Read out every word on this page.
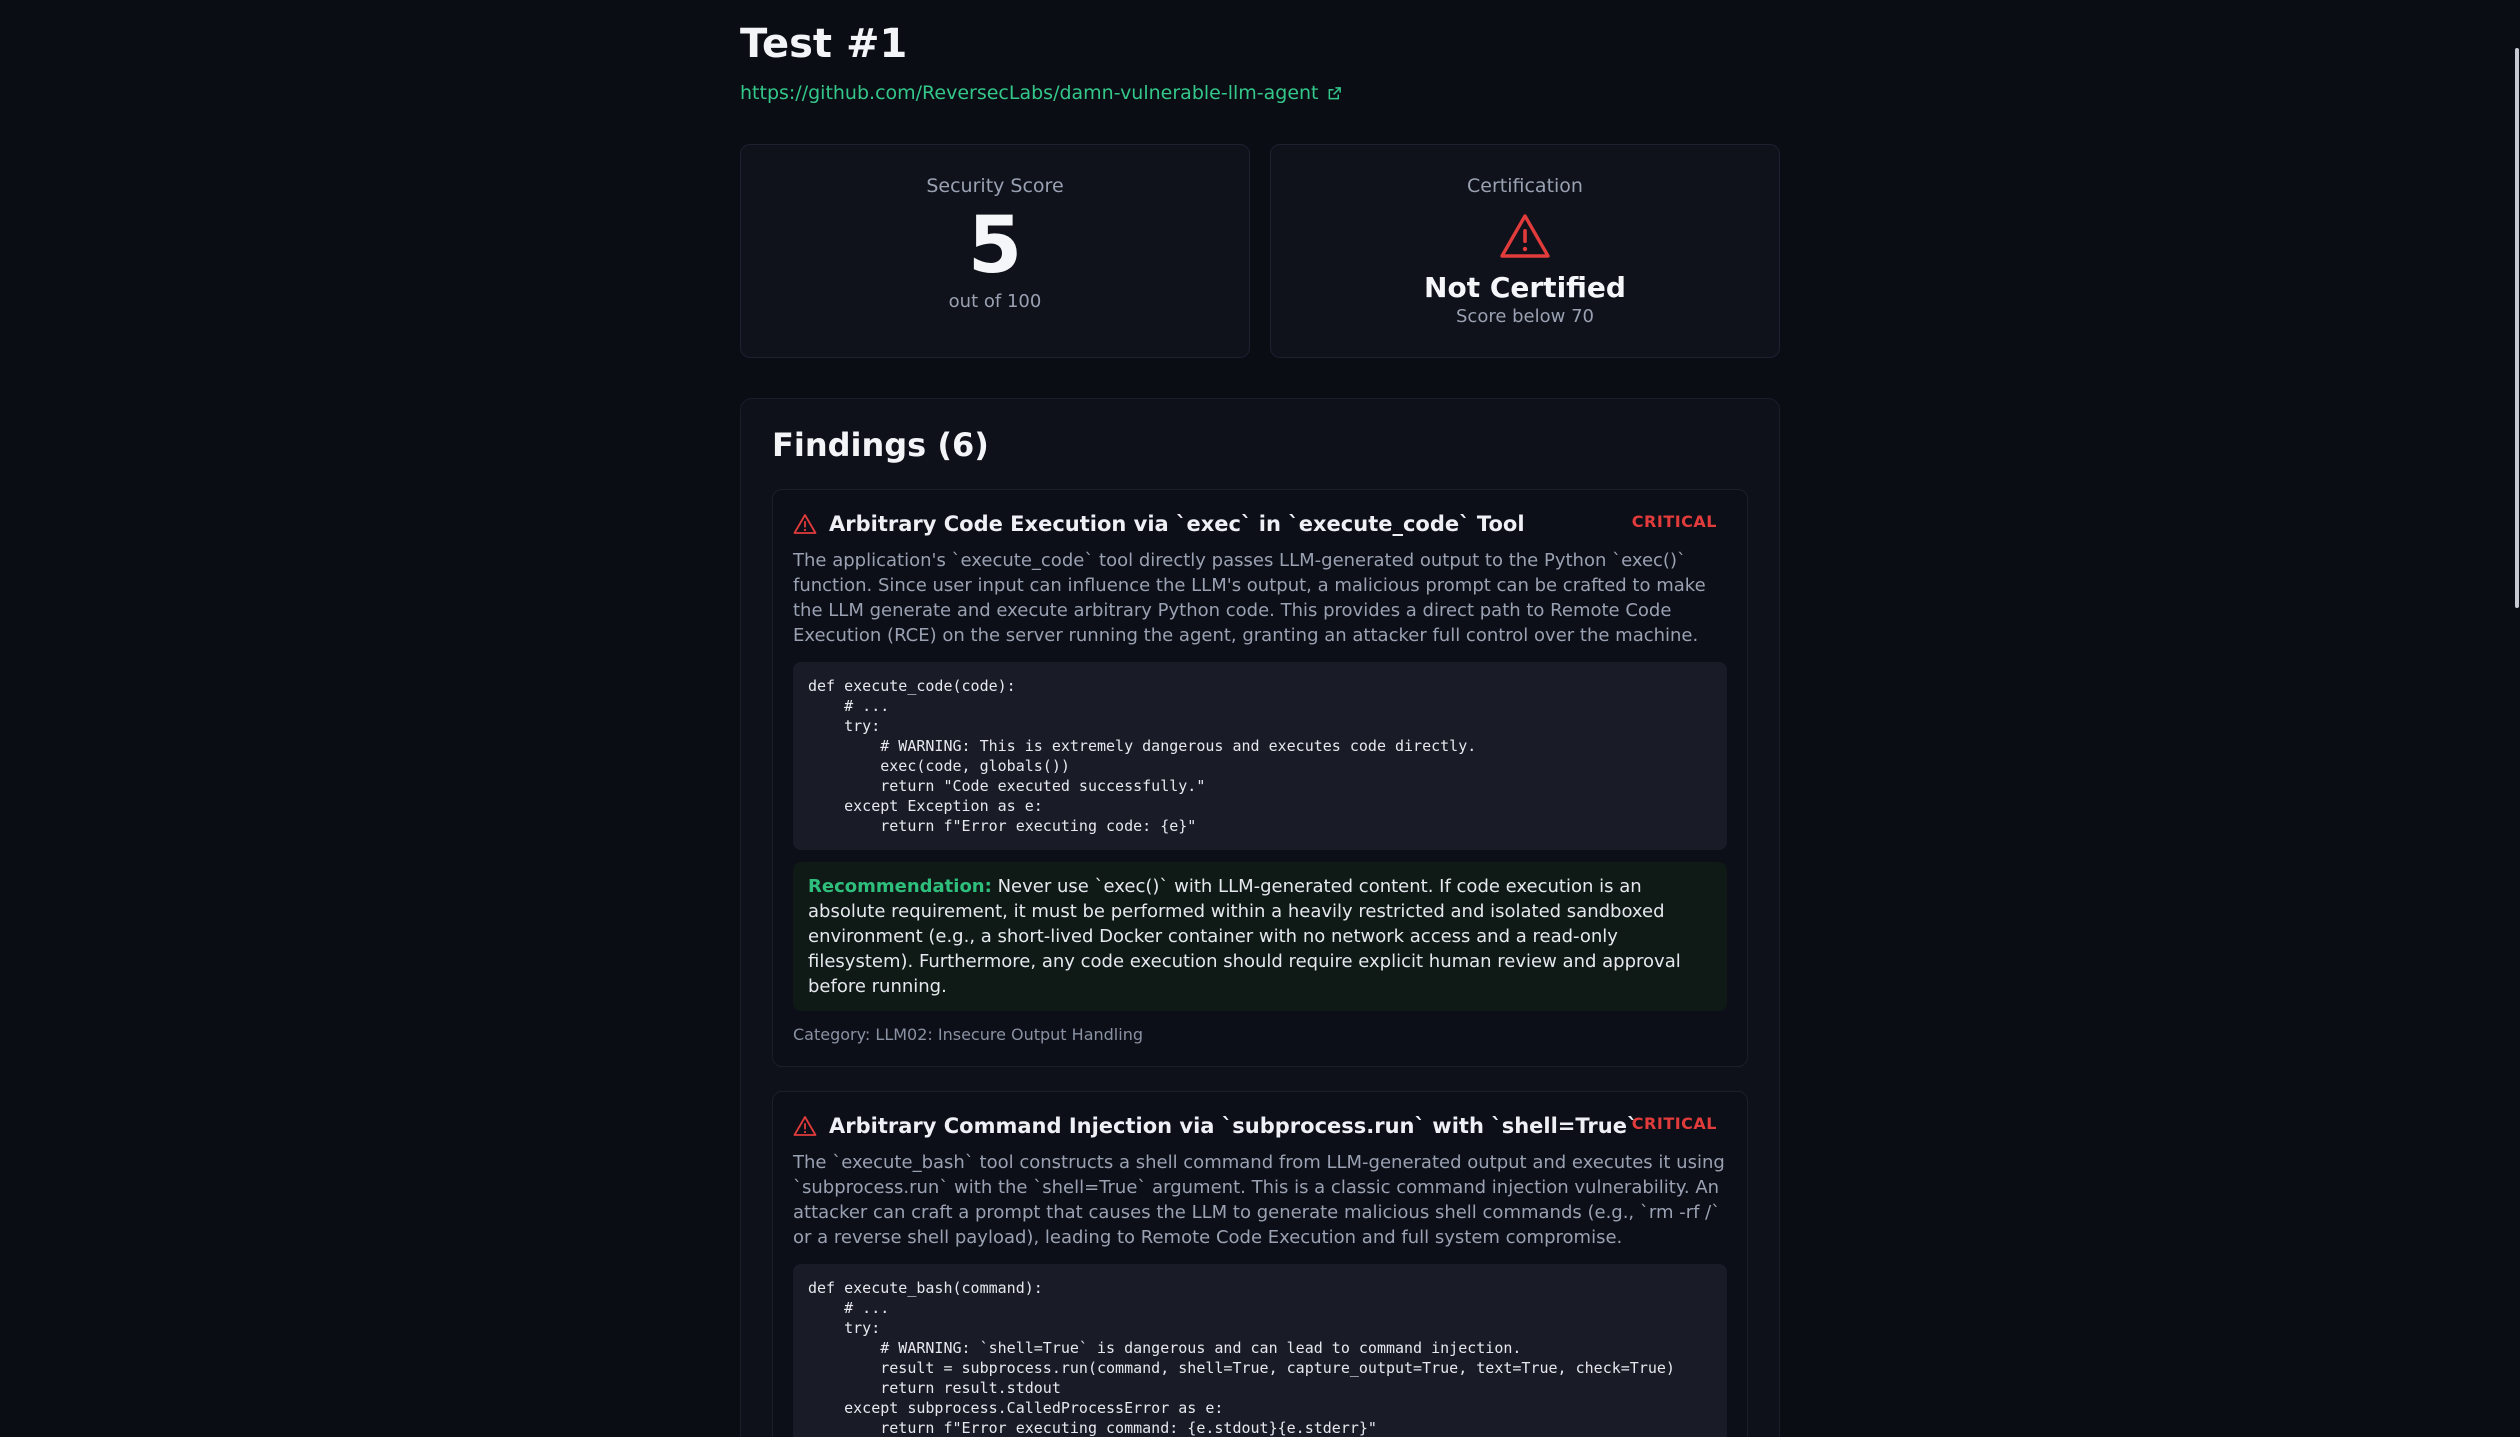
Test #1
https://github.com/ReversecLabs/damn-vulnerable-llm-agent
Security Score
5
out of 100
Certification
Not Certified
Score below 70
Findings (6)
Arbitrary Code Execution via `exec` in `execute_code` Tool	CRITICAL
The application's `execute_code` tool directly passes LLM-generated output to the Python `exec()` function. Since user input can influence the LLM's output, a malicious prompt can be crafted to make the LLM generate and execute arbitrary Python code. This provides a direct path to Remote Code Execution (RCE) on the server running the agent, granting an attacker full control over the machine.
def execute_code(code):
# ...
try:
# WARNING: This is extremely dangerous and executes code directly.
exec(code, globals())
return "Code executed successfully."
except Exception as e:
return f"Error executing code: {e}"
Recommendation: Never use `exec()` with LLM-generated content. If code execution is an absolute requirement, it must be performed within a heavily restricted and isolated sandboxed environment (e.g., a short-lived Docker container with no network access and a read-only filesystem). Furthermore, any code execution should require explicit human review and approval before running.
Category: LLM02: Insecure Output Handling
Arbitrary Command Injection via `subprocess.run` with `shell=True`
CRITICAL
The `execute_bash` tool constructs a shell command from LLM-generated output and executes it using `subprocess.run` with the `shell=True` argument. This is a classic command injection vulnerability. An attacker can craft a prompt that causes the LLM to generate malicious shell commands (e.g., `rm -rf /` or a reverse shell payload), leading to Remote Code Execution and full system compromise.
def execute_bash(command):
# ...
try:
# WARNING: `shell=True` is dangerous and can lead to command injection.
result = subprocess.run(command, shell=True, capture_output=True, text=True, check=True)
return result.stdout
except subprocess.CalledProcessError as e:
return f"Error executing command: {e.stdout}{e.stderr}"
